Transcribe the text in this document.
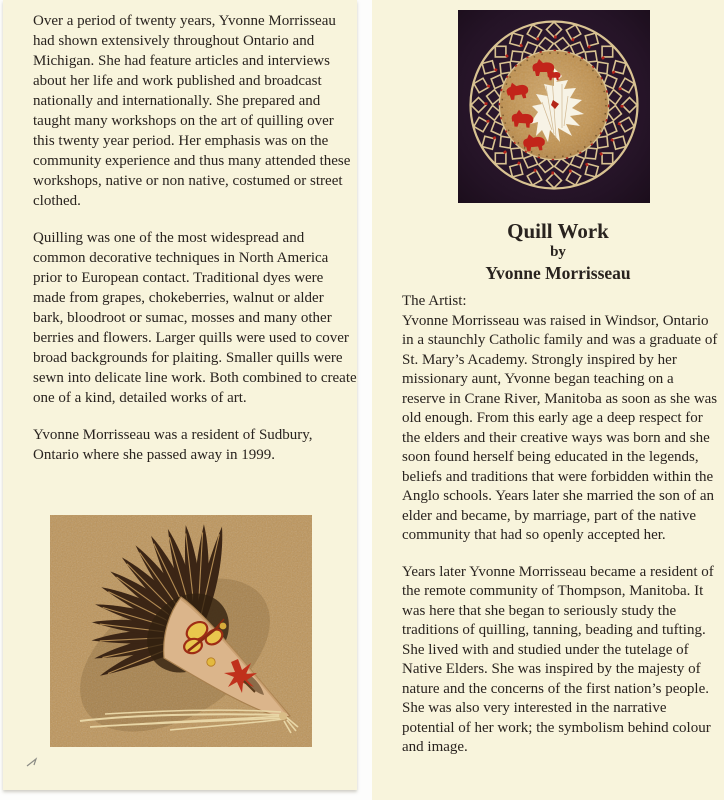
Over a period of twenty years, Yvonne Morrisseau had shown extensively throughout Ontario and Michigan. She had feature articles and interviews about her life and work published and broadcast nationally and internationally. She prepared and taught many workshops on the art of quilling over this twenty year period. Her emphasis was on the community experience and thus many attended these workshops, native or non native, costumed or street clothed.

Quilling was one of the most widespread and common decorative techniques in North America prior to European contact. Traditional dyes were made from grapes, chokeberries, walnut or alder bark, bloodroot or sumac, mosses and many other berries and flowers. Larger quills were used to cover broad backgrounds for plaiting. Smaller quills were sewn into delicate line work. Both combined to create one of a kind, detailed works of art.

Yvonne Morrisseau was a resident of Sudbury, Ontario where she passed away in 1999.

Quill Work
by
Yvonne Morrisseau
The Artist:

Yvonne Morrisseau was raised in Windsor, Ontario in a staunchly Catholic family and was a graduate of St. Mary’s Academy. Strongly inspired by her missionary aunt, Yvonne began teaching on a reserve in Crane River, Manitoba as soon as she was old enough. From this early age a deep respect for the elders and their creative ways was born and she soon found herself being educated in the legends, beliefs and traditions that were forbidden within the Anglo schools. Years later she married the son of an elder and became, by marriage, part of the native community that had so openly accepted her.

Years later Yvonne Morrisseau became a resident of the remote community of Thompson, Manitoba. It was here that she began to seriously study the traditions of quilling, tanning, beading and tufting. She lived with and studied under the tutelage of Native Elders. She was inspired by the majesty of nature and the concerns of the first nation’s people. She was also very interested in the narrative potential of her work; the symbolism behind colour and image.
